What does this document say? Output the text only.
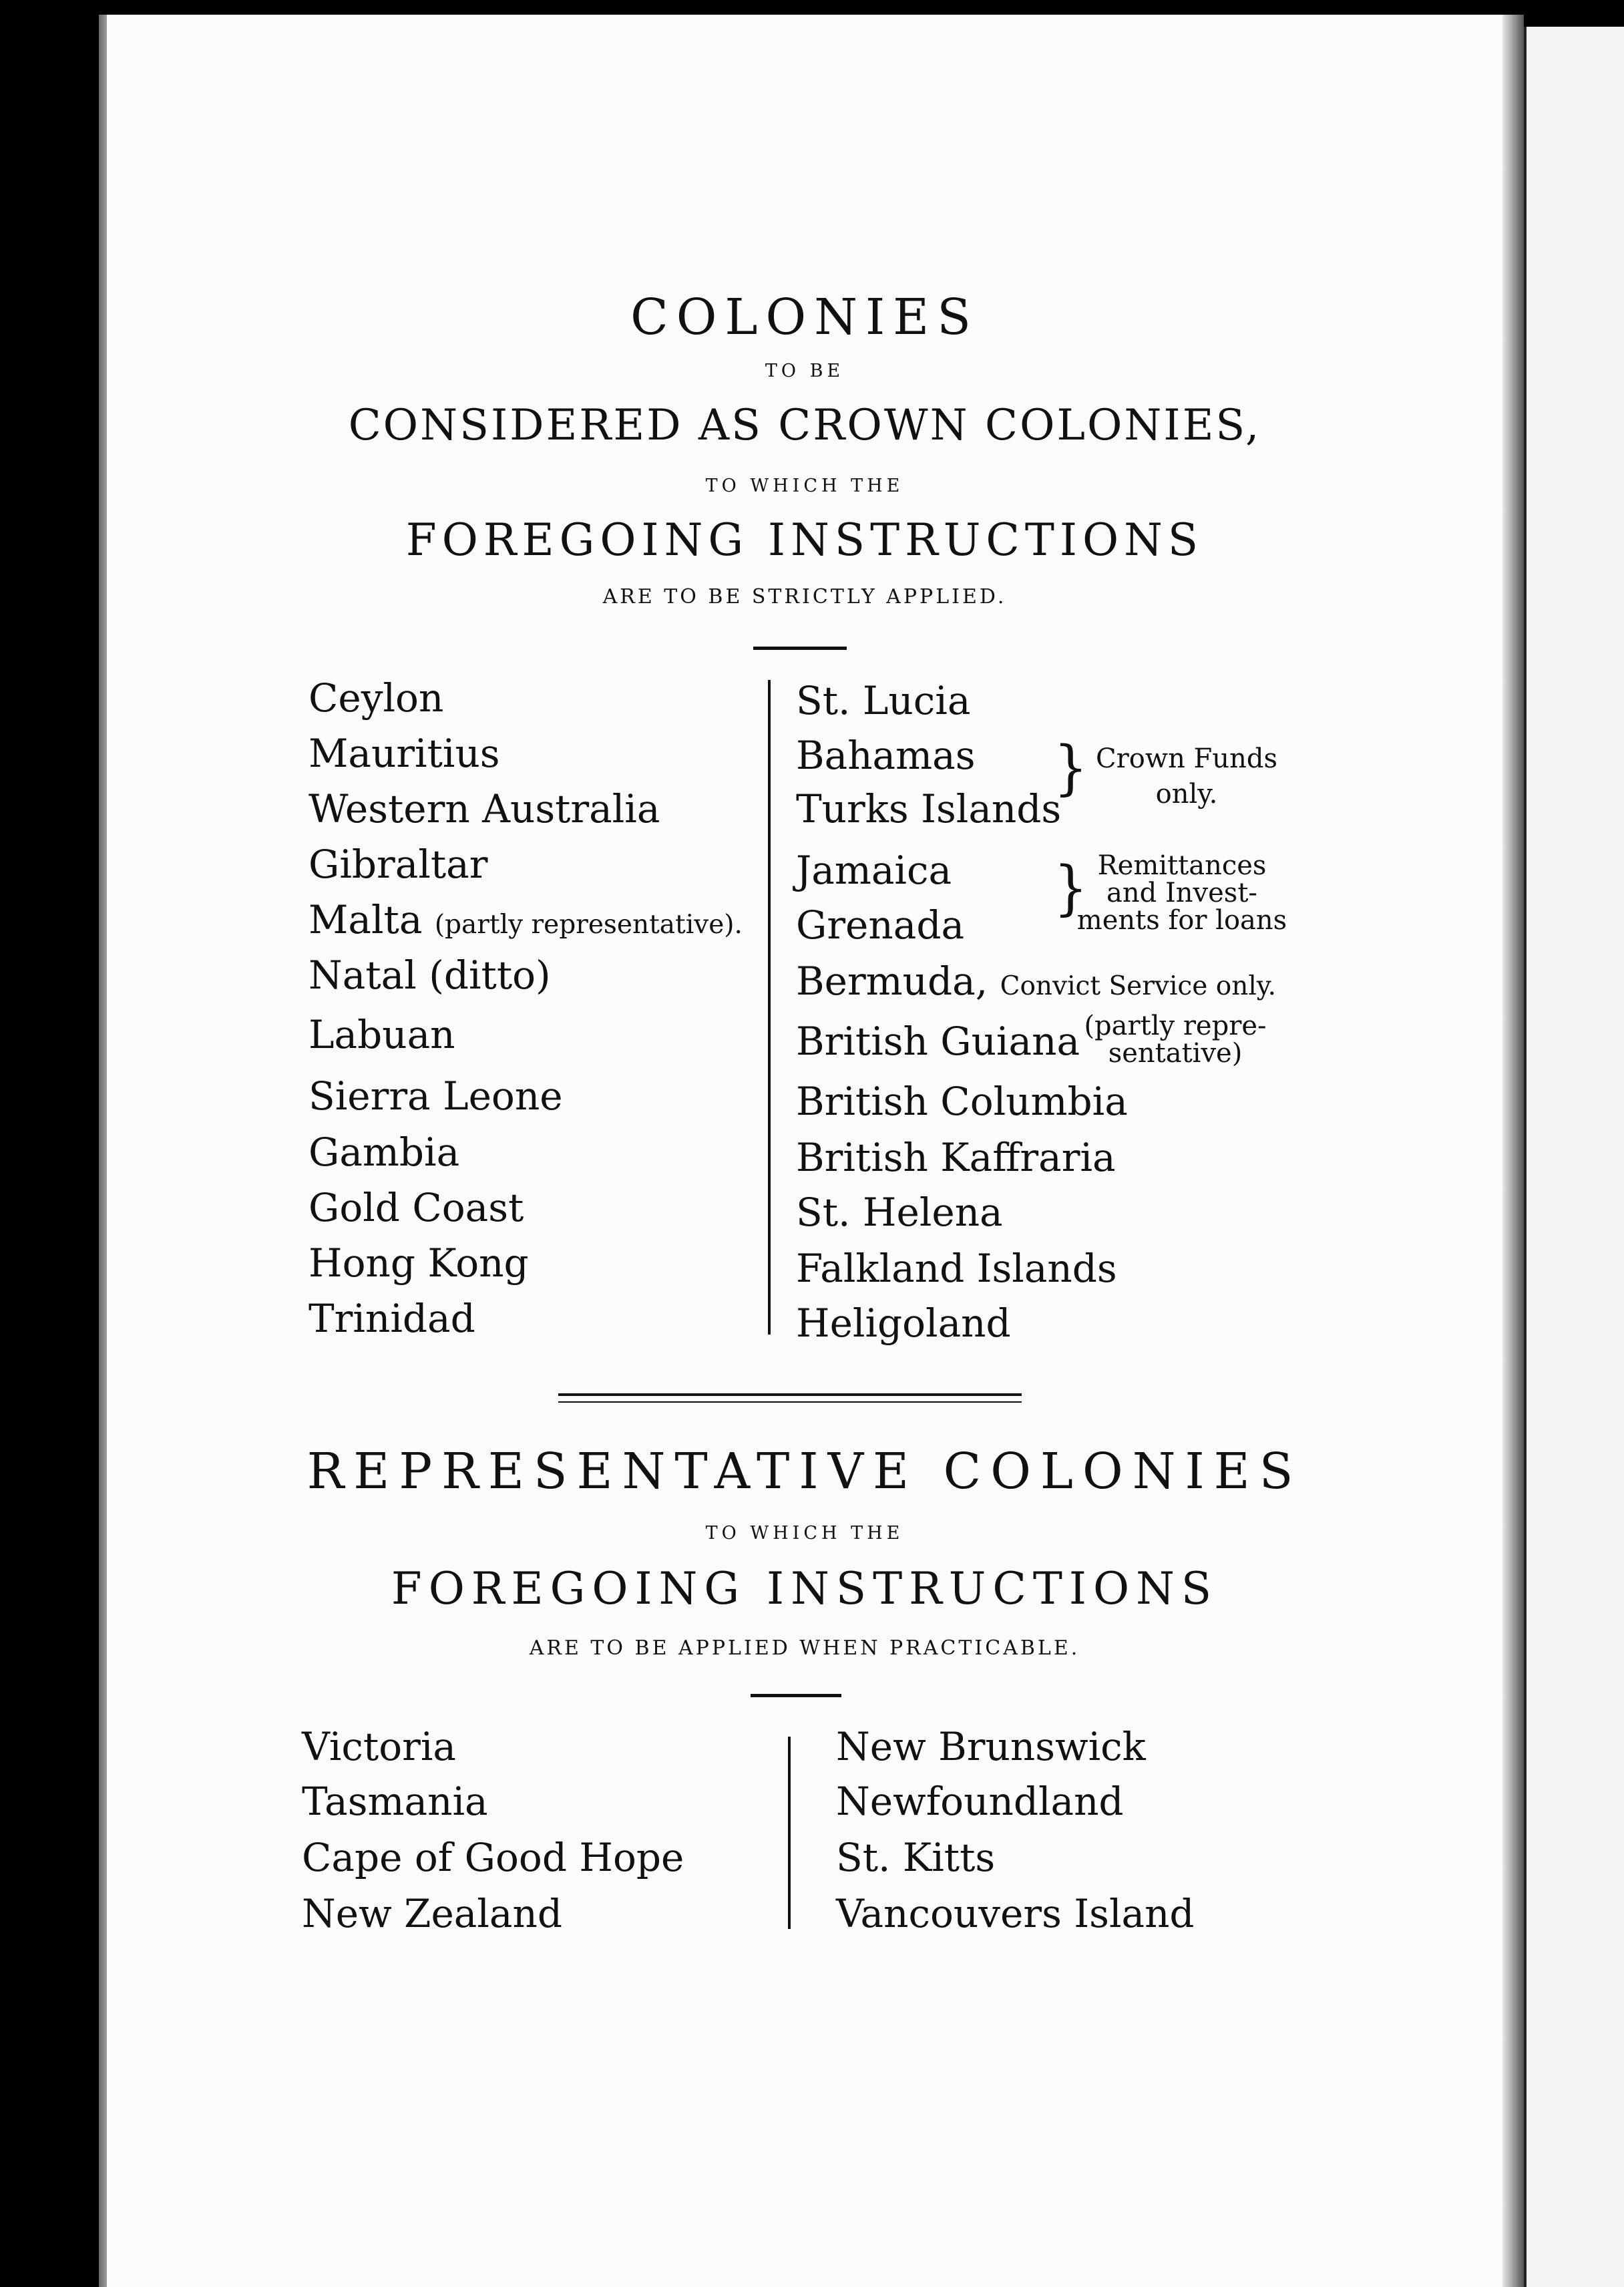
COLONIES
TO BE
CONSIDERED AS CROWN COLONIES,
TO WHICH THE
FOREGOING INSTRUCTIONS
ARE TO BE STRICTLY APPLIED.
Ceylon
Mauritius
Western Australia
Gibraltar
Malta (partly representative).
Natal (ditto)
Labuan
Sierra Leone
Gambia
Gold Coast
Hong Kong
Trinidad
St. Lucia
Bahamas
Turks Islands
Jamaica
Grenada
Bermuda, Convict Service only.
British Guiana
British Columbia
British Kaffraria
St. Helena
Falkland Islands
Heligoland
} Crown Funds
only.
} Remittances
and Invest-
ments for loans
(partly repre-
sentative)
REPRESENTATIVE COLONIES
TO WHICH THE
FOREGOING INSTRUCTIONS
ARE TO BE APPLIED WHEN PRACTICABLE.
Victoria
Tasmania
Cape of Good Hope
New Zealand
New Brunswick
Newfoundland
St. Kitts
Vancouvers Island
